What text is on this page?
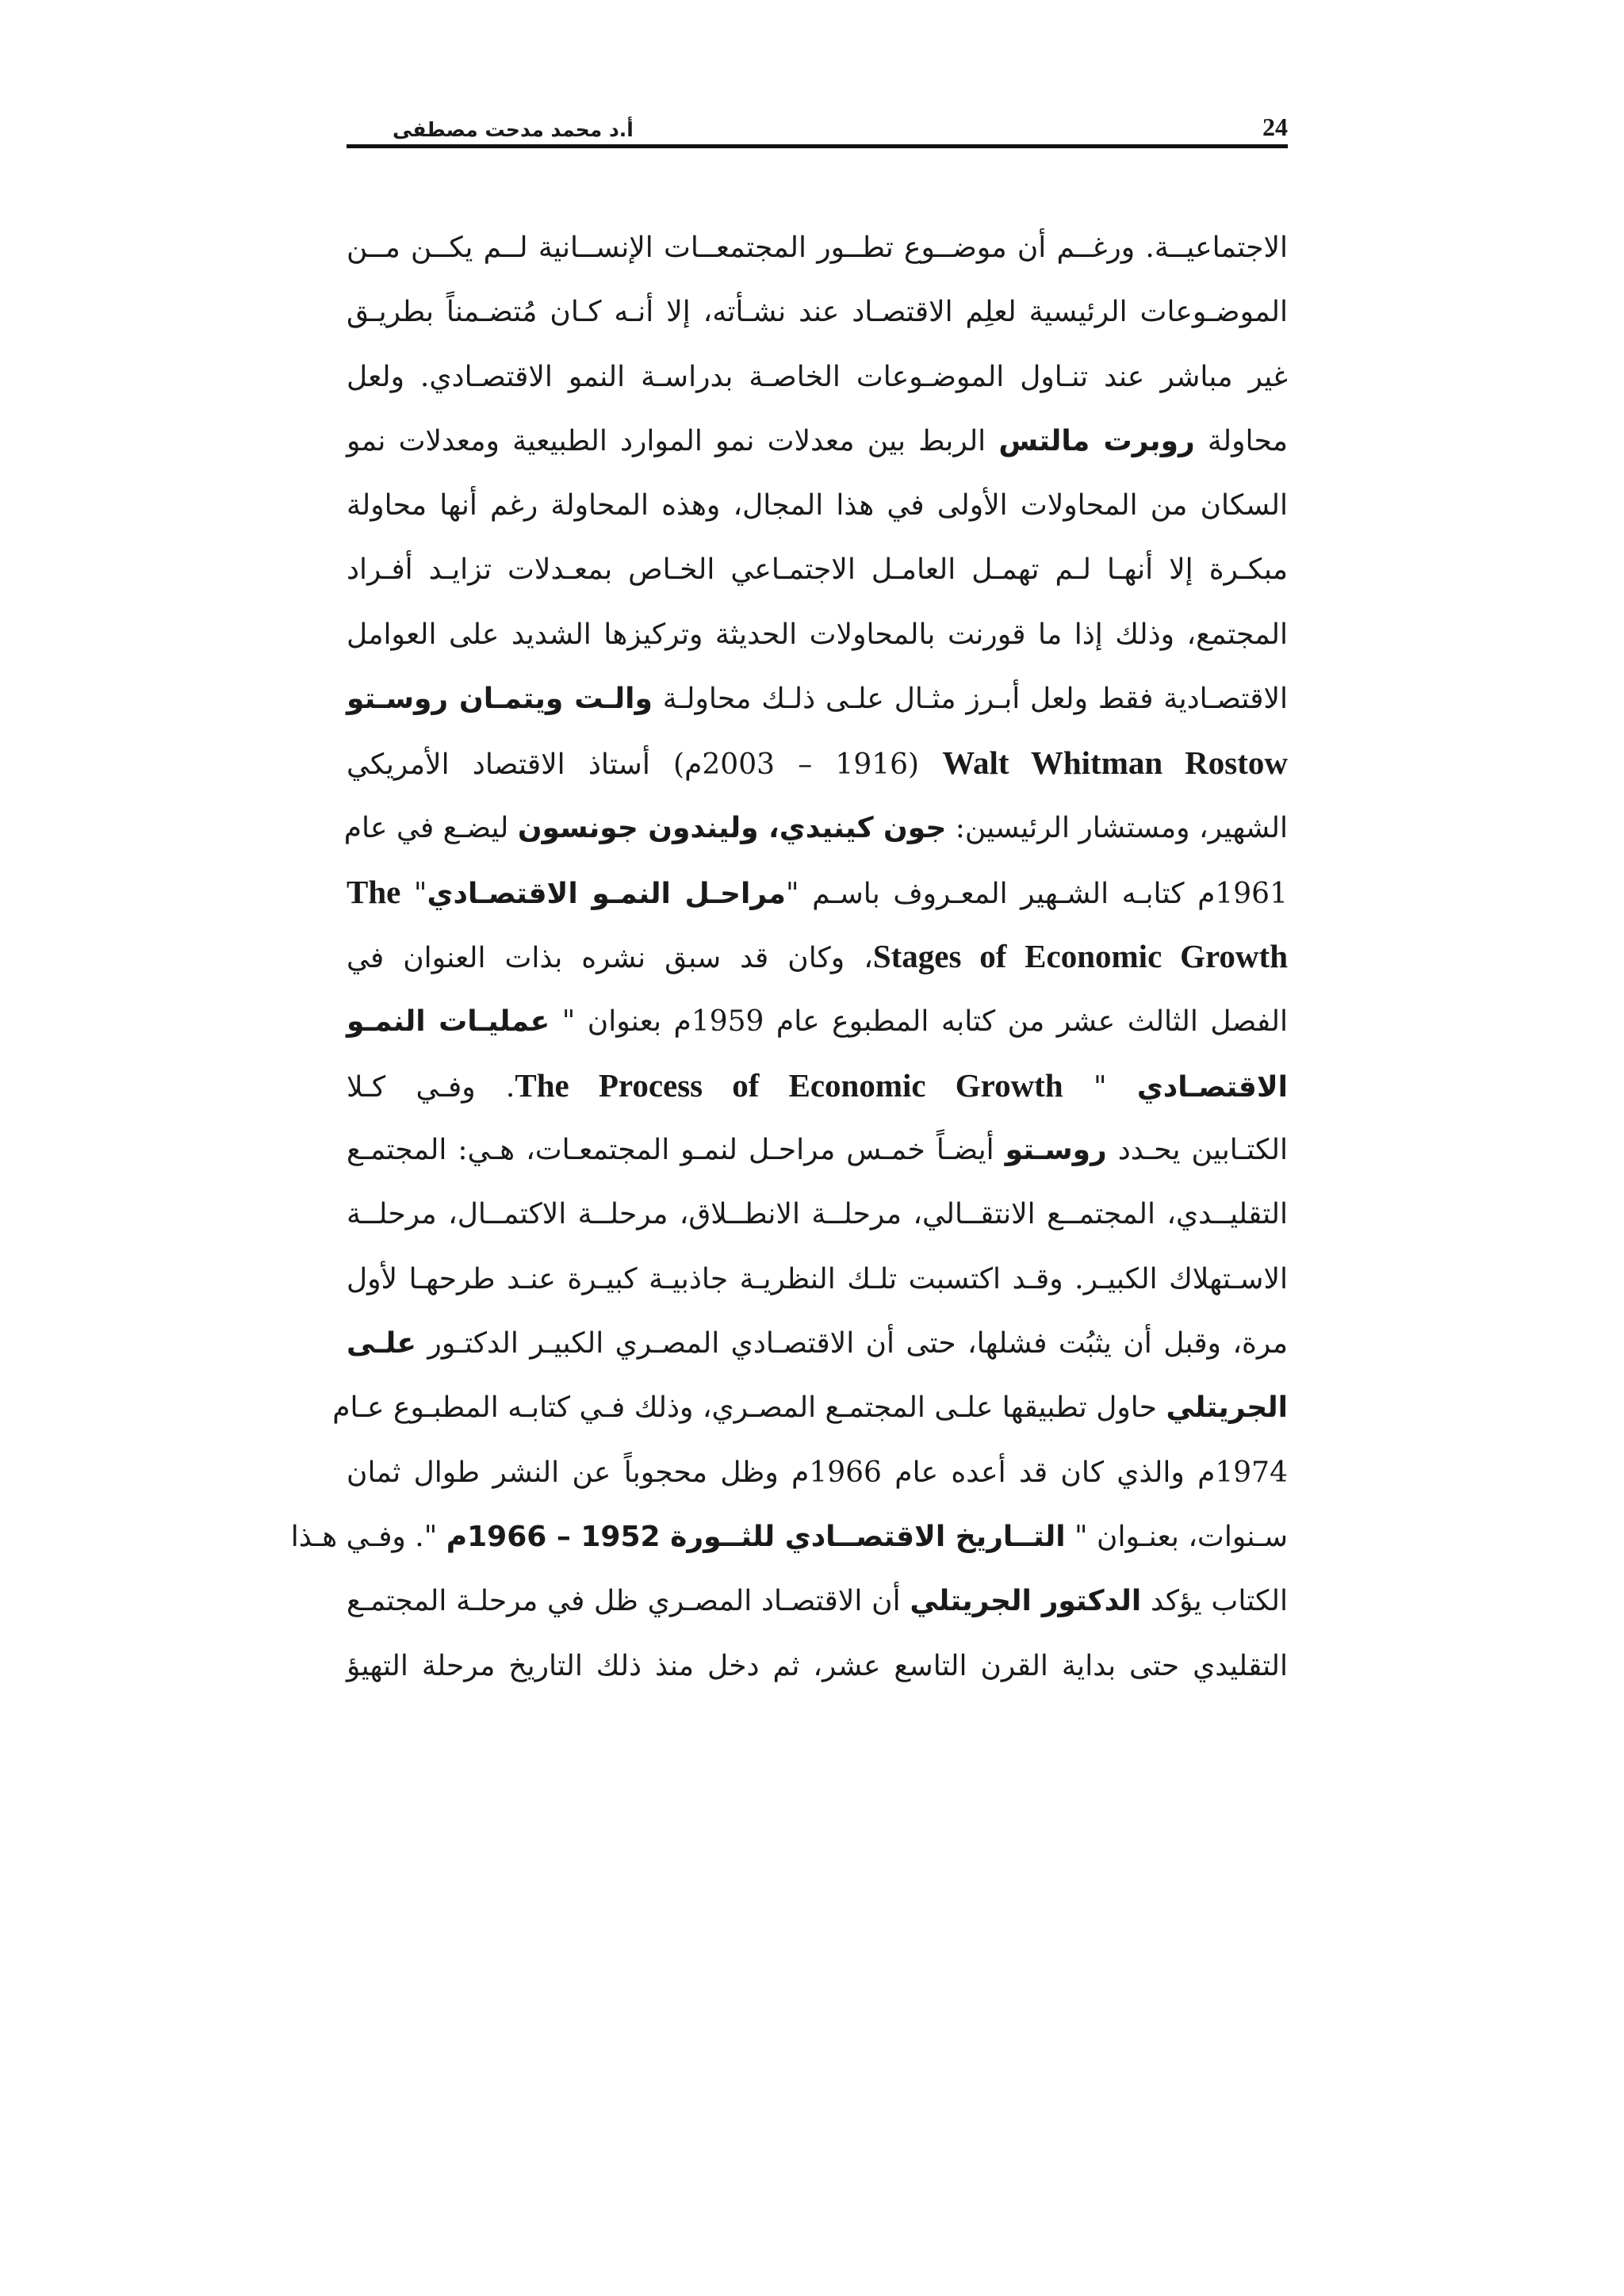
24
أ.د محمد مدحت مصطفى
الاجتماعيــة. ورغــم أن موضــوع تطــور المجتمعــات الإنســانية لــم يكــن مــن
الموضـوعات الرئيسية لعلِم الاقتصـاد عند نشـأته، إلا أنـه كـان مُتضـمناً بطريـق
غير مباشر عند تنـاول الموضـوعات الخاصـة بدراسـة النمو الاقتصـادي. ولعل
محاولة روبرت مالتس الربط بين معدلات نمو الموارد الطبيعية ومعدلات نمو
السكان من المحاولات الأولى في هذا المجال، وهذه المحاولة رغم أنها محاولة
مبكـرة إلا أنهـا لـم تهمـل العامـل الاجتمـاعي الخـاص بمعـدلات تزايـد أفـراد
المجتمع، وذلك إذا ما قورنت بالمحاولات الحديثة وتركيزها الشديد على العوامل
الاقتصـادية فقط ولعل أبـرز مثـال علـى ذلـك محاولـة والـت ويتمـان روسـتو
Walt Whitman Rostow (1916 – 2003م) أستاذ الاقتصاد الأمريكي
الشهير، ومستشار الرئيسين: جون كينيدي، وليندون جونسون ليضـع في عام
1961م كتابـه الشـهير المعـروف باسـم "مراحـل النمـو الاقتصـادي" The
Stages of Economic Growth، وكان قد سبق نشره بذات العنوان في
الفصل الثالث عشر من كتابه المطبوع عام 1959م بعنوان " عمليـات النمـو
الاقتصـادي " The Process of Economic Growth. وفـي كـلا
الكتـابين يحـدد روسـتو أيضـاً خمـس مراحـل لنمـو المجتمعـات، هـي: المجتمـع
التقليــدي، المجتمــع الانتقــالي، مرحلــة الانطــلاق، مرحلــة الاكتمــال، مرحلــة
الاسـتهلاك الكبيـر. وقـد اكتسبت تلـك النظريـة جاذبيـة كبيـرة عنـد طرحهـا لأول
مرة، وقبل أن يثبُت فشلها، حتى أن الاقتصـادي المصـري الكبيـر الدكتـور علـى
الجريتلي حاول تطبيقها علـى المجتمـع المصـري، وذلك فـي كتابـه المطبـوع عـام
1974م والذي كان قد أعده عام 1966م وظل محجوباً عن النشر طوال ثمان
سـنوات، بعنـوان " التــاريخ الاقتصــادي للثــورة 1952 – 1966م ". وفـي هـذا
الكتاب يؤكد الدكتور الجريتلي أن الاقتصـاد المصـري ظل في مرحلـة المجتمـع
التقليدي حتى بداية القرن التاسع عشر، ثم دخل منذ ذلك التاريخ مرحلة التهيؤ
